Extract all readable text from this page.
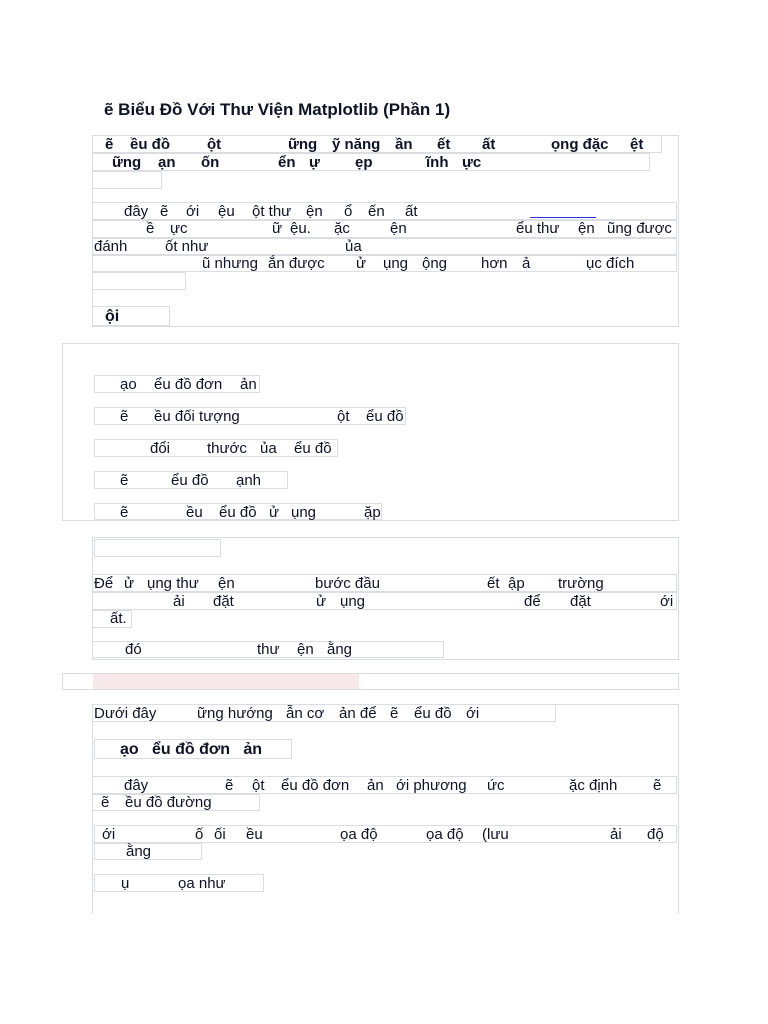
ẽ Biểu Đồ Với Thư Viện Matplotlib (Phần 1)
ẽ ều đồ ột	ững ỹ năng ần ết ất	ọng đặc ệt
ững ạn ốn	ển ự ẹp	ĩnh ực
đây ẽ ới ệu ột thư ện ổ ến ất
ề ực	ữ ệu. ặc	ện	ểu thư ện ũng được
đánh	ốt như	ủa
ũ nhưng ắn được ử ụng ộng hơn ả	ục đích
ội
ạo ểu đồ đơn ản
ẽ ều đối tượng	ột ểu đồ
đổi thước ủa ểu đồ
ẽ	ểu đồ ạnh
ẽ	ều ểu đồ ử ụng	ặp
Để ử ụng thư ện	bước đầu	ết ập trường
ải đặt	ử ụng	để đặt	ới
ất.
đó	thư ện ằng
Dưới đây	ững hướng ẫn cơ ản để ẽ ểu đồ ới
ạo   ểu đồ đơn   ản
đây	ẽ ột ểu đồ đơn ản ới phương ức	ặc định ẽ
ẽ ều đồ đường
ới	ố ối ều	ọa độ	ọa độ (lưu	ải độ
ằng
ụ	ọa như
